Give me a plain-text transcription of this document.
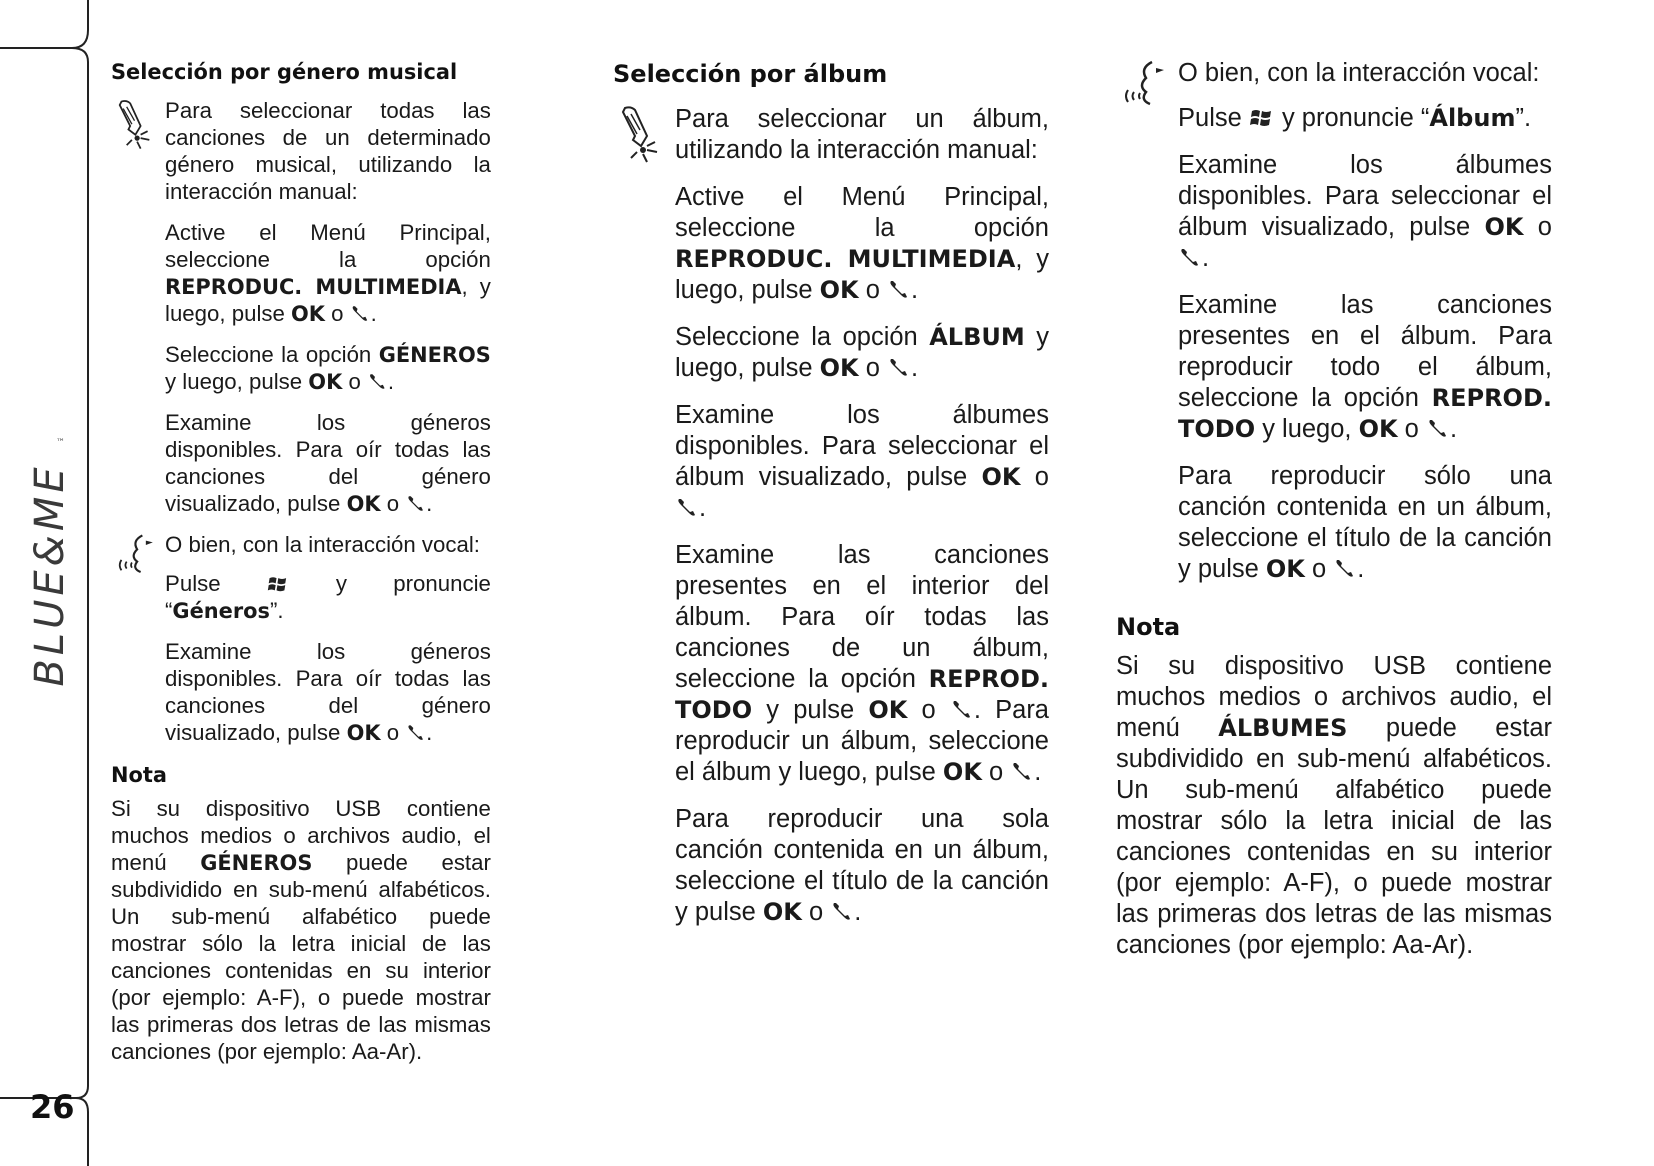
BLUE&ME
™
26
Selección por género musical

Para seleccionar todas las canciones de un determinado género musical, utilizando la interacción manual:

Active el Menú Principal, seleccione la opción REPRODUC. MULTIMEDIA, y luego, pulse OK o .

Seleccione la opción GÉNEROS y luego, pulse OK o .

Examine los géneros disponibles. Para oír todas las canciones del género visualizado, pulse OK o .

O bien, con la interacción vocal:

Pulse  y pronuncie “Géneros”.

Examine los géneros disponibles. Para oír todas las canciones del género visualizado, pulse OK o .

Nota

Si su dispositivo USB contiene muchos medios o archivos audio, el menú GÉNEROS puede estar subdividido en sub-menú alfabéticos. Un sub-menú alfabético puede mostrar sólo la letra inicial de las canciones contenidas en su interior (por ejemplo: A-F), o puede mostrar las primeras dos letras de las mismas canciones (por ejemplo: Aa-Ar).

Selección por álbum

Para seleccionar un álbum, utilizando la interacción manual:

Active el Menú Principal, seleccione la opción REPRODUC. MULTIMEDIA, y luego, pulse OK o .

Seleccione la opción ÁLBUM y luego, pulse OK o .

Examine los álbumes disponibles. Para seleccionar el álbum visualizado, pulse OK o .

Examine las canciones presentes en el interior del álbum. Para oír todas las canciones de un álbum, seleccione la opción REPROD. TODO y pulse OK o . Para reproducir un álbum, seleccione el álbum y luego, pulse OK o .

Para reproducir una sola canción contenida en un álbum, seleccione el título de la canción y pulse OK o .

O bien, con la interacción vocal:

Pulse  y pronuncie “Álbum”.

Examine los álbumes disponibles. Para seleccionar el álbum visualizado, pulse OK o .

Examine las canciones presentes en el álbum. Para reproducir todo el álbum, seleccione la opción REPROD. TODO y luego, OK o .

Para reproducir sólo una canción contenida en un álbum, seleccione el título de la canción y pulse OK o .

Nota

Si su dispositivo USB contiene muchos medios o archivos audio, el menú ÁLBUMES puede estar subdividido en sub-menú alfabéticos. Un sub-menú alfabético puede mostrar sólo la letra inicial de las canciones contenidas en su interior (por ejemplo: A-F), o puede mostrar las primeras dos letras de las mismas canciones (por ejemplo: Aa-Ar).
